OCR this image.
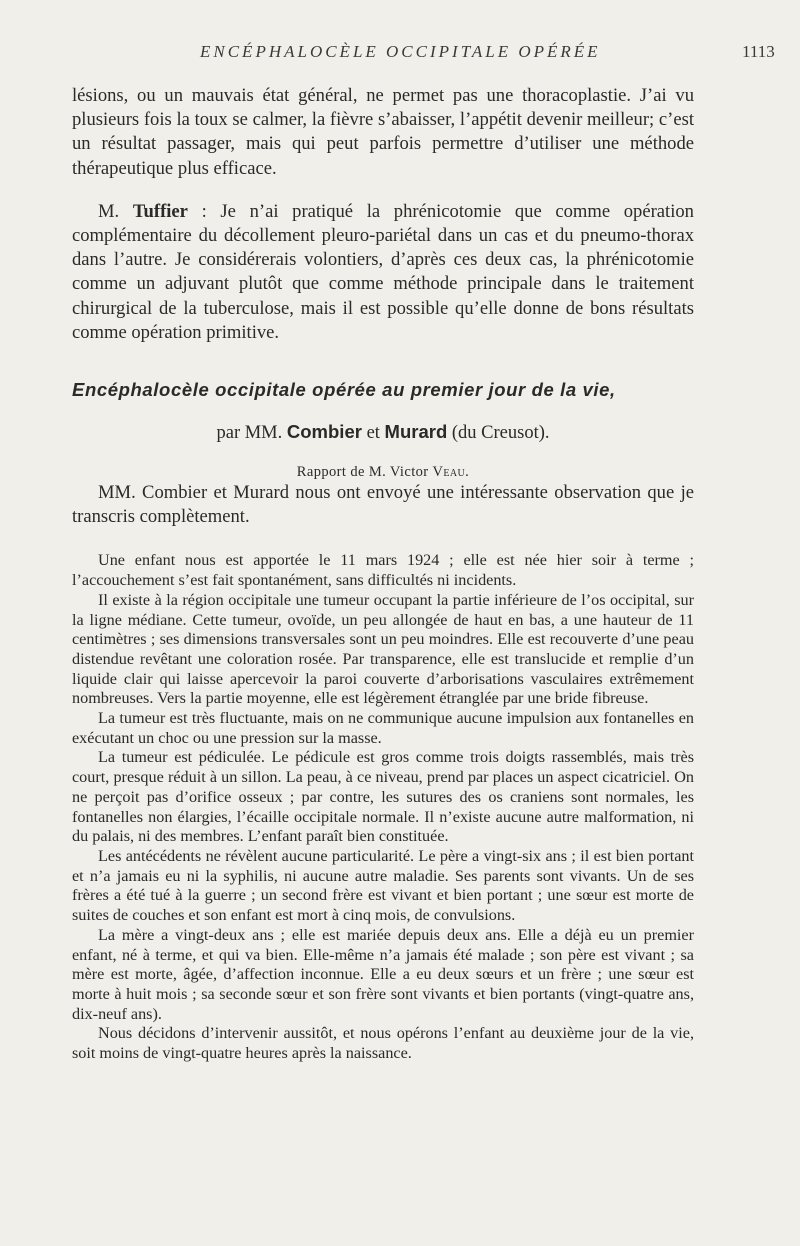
ENCÉPHALOCÈLE OCCIPITALE OPÉRÉE	1113

lésions, ou un mauvais état général, ne permet pas une thoracoplastie. J’ai vu plusieurs fois la toux se calmer, la fièvre s’abaisser, l’appétit devenir meilleur; c’est un résultat passager, mais qui peut parfois permettre d’utiliser une méthode thérapeutique plus efficace.

M. Tuffier : Je n’ai pratiqué la phrénicotomie que comme opération complémentaire du décollement pleuro-pariétal dans un cas et du pneumo-thorax dans l’autre. Je considérerais volontiers, d’après ces deux cas, la phrénicotomie comme un adjuvant plutôt que comme méthode principale dans le traitement chirurgical de la tuberculose, mais il est possible qu’elle donne de bons résultats comme opération primitive.

Encéphalocèle occipitale opérée au premier jour de la vie,
par MM. Combier et Murard (du Creusot).
Rapport de M. Victor Veau.

MM. Combier et Murard nous ont envoyé une intéressante observation que je transcris complètement.

Une enfant nous est apportée le 11 mars 1924 ; elle est née hier soir à terme ; l’accouchement s’est fait spontanément, sans difficultés ni incidents.

Il existe à la région occipitale une tumeur occupant la partie inférieure de l’os occipital, sur la ligne médiane. Cette tumeur, ovoïde, un peu allongée de haut en bas, a une hauteur de 11 centimètres ; ses dimensions transversales sont un peu moindres. Elle est recouverte d’une peau distendue revêtant une coloration rosée. Par transparence, elle est translucide et remplie d’un liquide clair qui laisse apercevoir la paroi couverte d’arborisations vasculaires extrêmement nombreuses. Vers la partie moyenne, elle est légèrement étranglée par une bride fibreuse.

La tumeur est très fluctuante, mais on ne communique aucune impulsion aux fontanelles en exécutant un choc ou une pression sur la masse.

La tumeur est pédiculée. Le pédicule est gros comme trois doigts rassemblés, mais très court, presque réduit à un sillon. La peau, à ce niveau, prend par places un aspect cicatriciel. On ne perçoit pas d’orifice osseux ; par contre, les sutures des os craniens sont normales, les fontanelles non élargies, l’écaille occipitale normale. Il n’existe aucune autre malformation, ni du palais, ni des membres. L’enfant paraît bien constituée.

Les antécédents ne révèlent aucune particularité. Le père a vingt-six ans ; il est bien portant et n’a jamais eu ni la syphilis, ni aucune autre maladie. Ses parents sont vivants. Un de ses frères a été tué à la guerre ; un second frère est vivant et bien portant ; une sœur est morte de suites de couches et son enfant est mort à cinq mois, de convulsions.

La mère a vingt-deux ans ; elle est mariée depuis deux ans. Elle a déjà eu un premier enfant, né à terme, et qui va bien. Elle-même n’a jamais été malade ; son père est vivant ; sa mère est morte, âgée, d’affection inconnue. Elle a eu deux sœurs et un frère ; une sœur est morte à huit mois ; sa seconde sœur et son frère sont vivants et bien portants (vingt-quatre ans, dix-neuf ans).

Nous décidons d’intervenir aussitôt, et nous opérons l’enfant au deuxième jour de la vie, soit moins de vingt-quatre heures après la naissance.
